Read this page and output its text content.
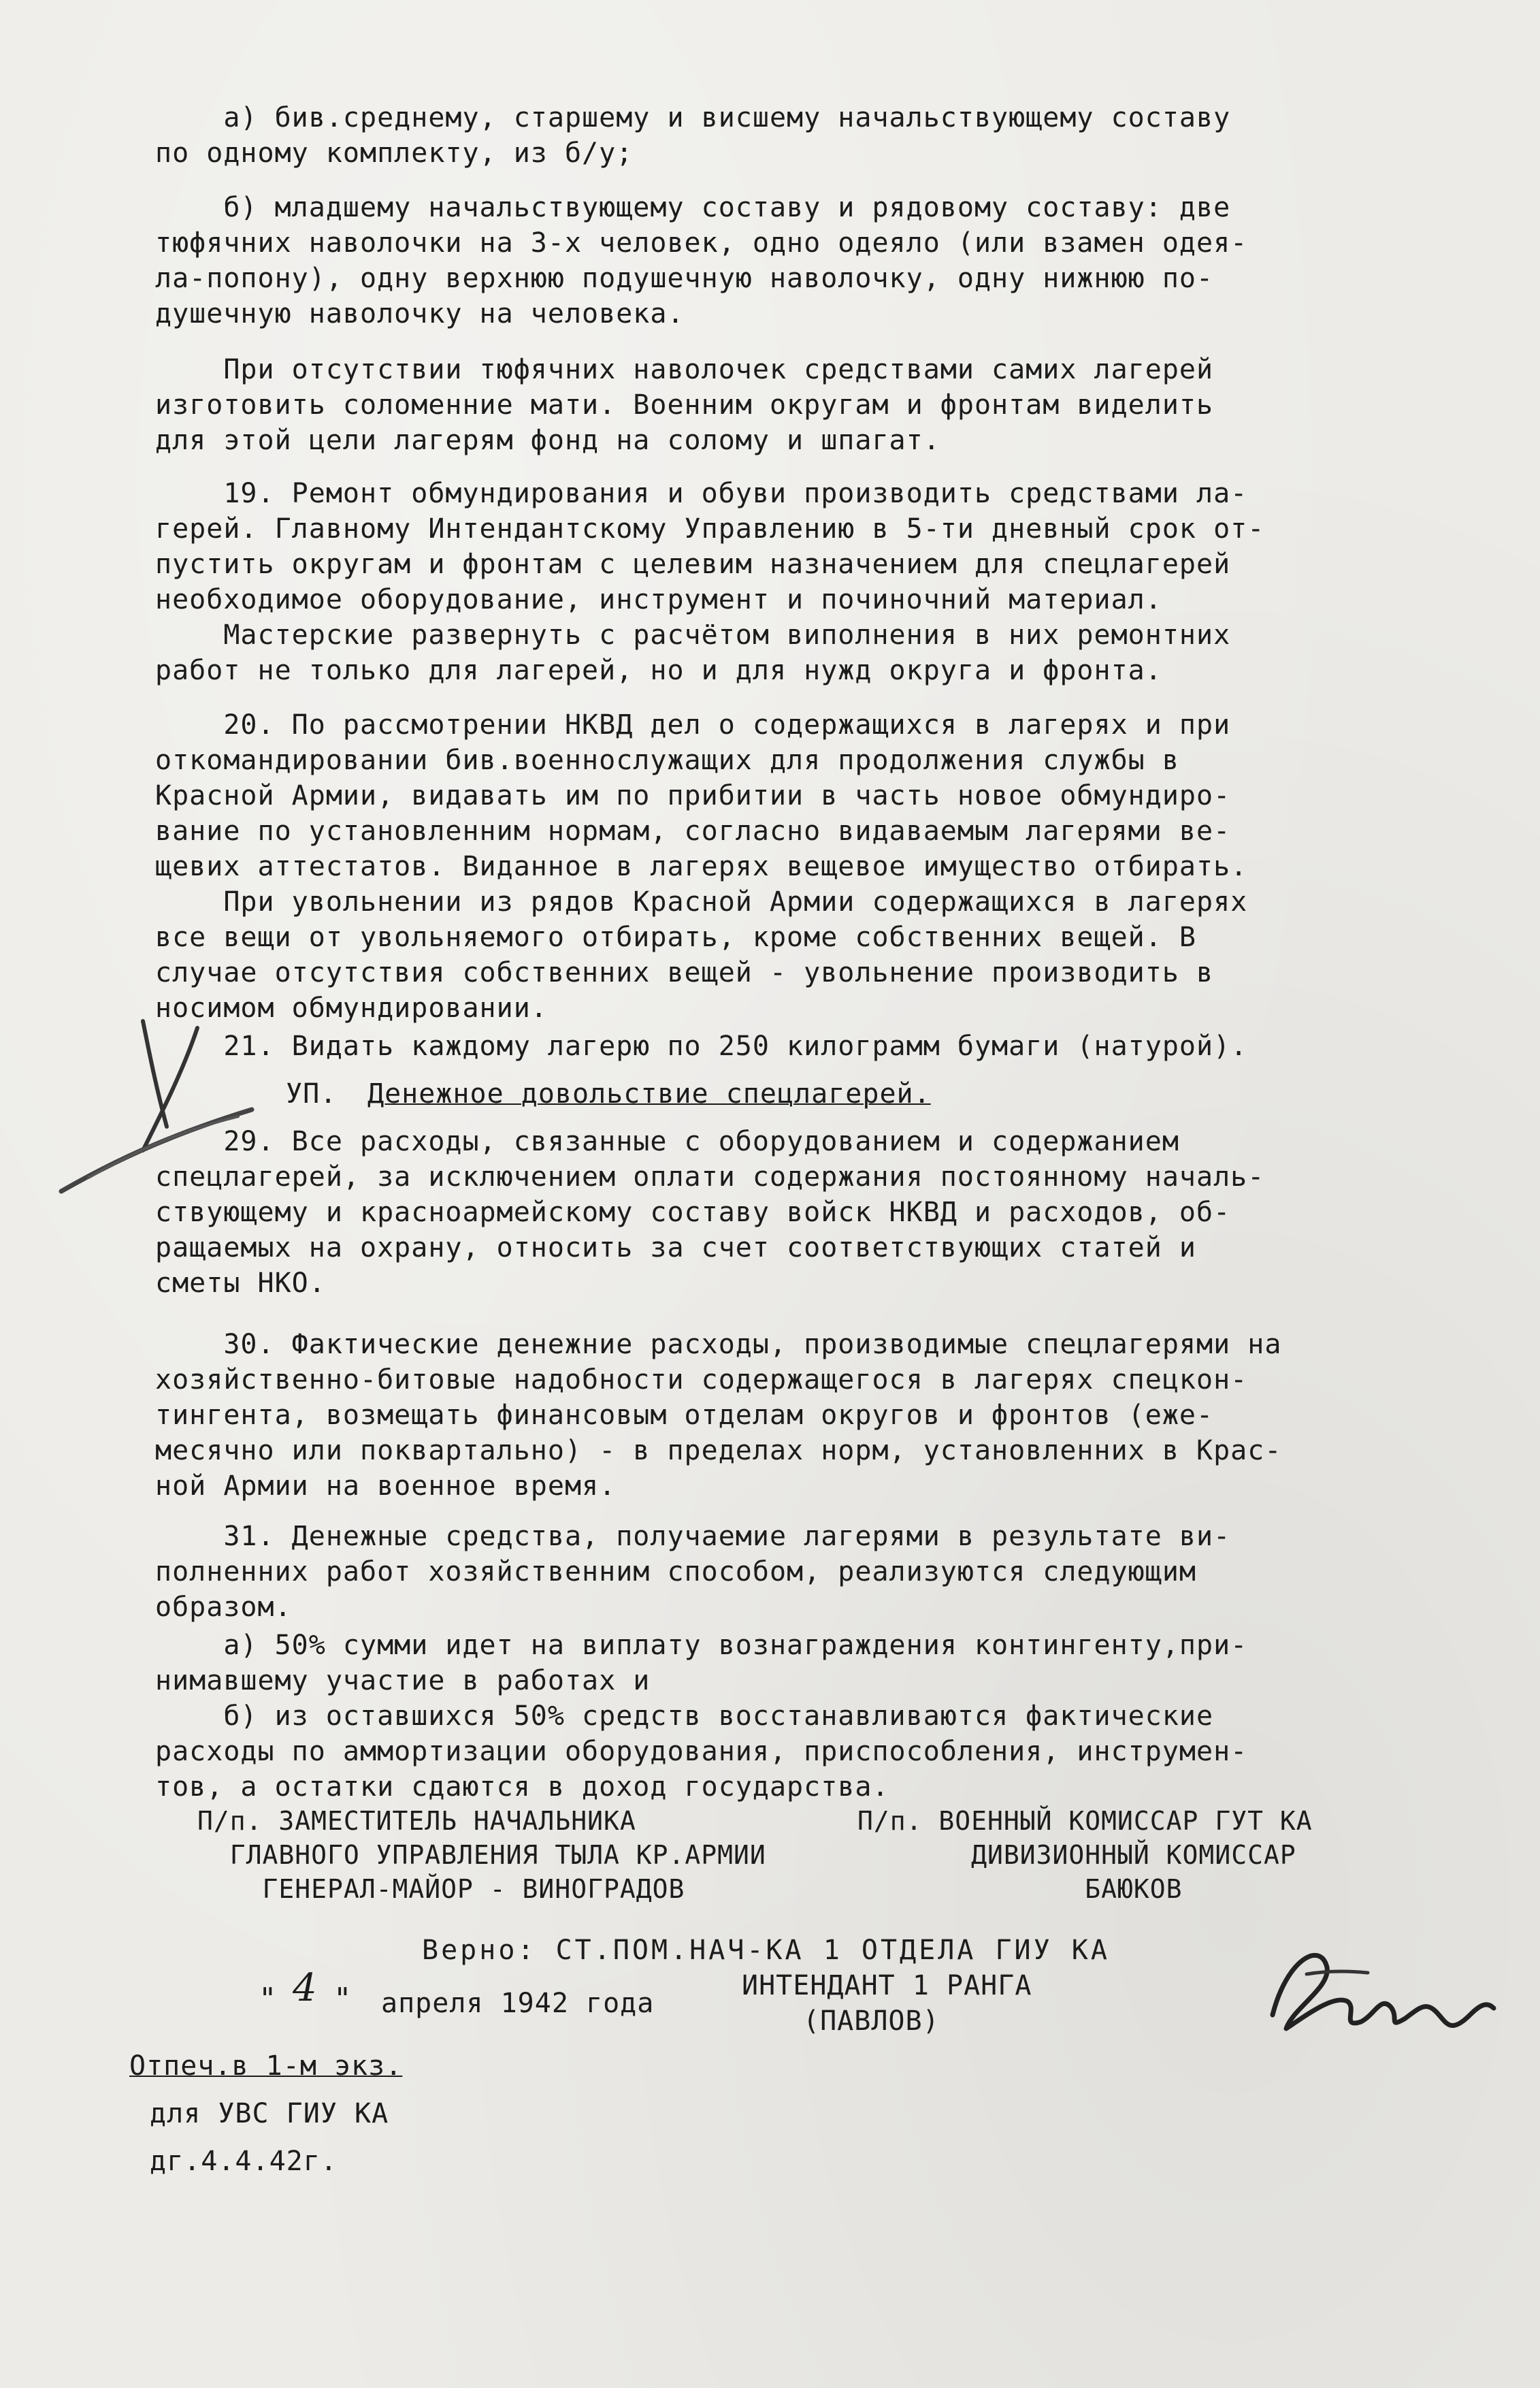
а) бив.среднему, старшему и висшему начальствующему составу
по одному комплекту, из б/у;
б) младшему начальствующему составу и рядовому составу: две
тюфячних наволочки на 3-х человек, одно одеяло (или взамен одея-
ла-попону), одну верхнюю подушечную наволочку, одну нижнюю по-
душечную наволочку на человека.
При отсутствии тюфячних наволочек средствами самих лагерей
изготовить соломенние мати. Военним округам и фронтам виделить
для этой цели лагерям фонд на солому и шпагат.
19. Ремонт обмундирования и обуви производить средствами ла-
герей. Главному Интендантскому Управлению в 5-ти дневный срок от-
пустить округам и фронтам с целевим назначением для спецлагерей
необходимое оборудование, инструмент и починочний материал.
Мастерские развернуть с расчётом виполнения в них ремонтних
работ не только для лагерей, но и для нужд округа и фронта.
20. По рассмотрении НКВД дел о содержащихся в лагерях и при
откомандировании бив.военнослужащих для продолжения службы в
Красной Армии, видавать им по прибитии в часть новое обмундиро-
вание по установленним нормам, согласно видаваемым лагерями ве-
щевих аттестатов. Виданное в лагерях вещевое имущество отбирать.
При увольнении из рядов Красной Армии содержащихся в лагерях
все вещи от увольняемого отбирать, кроме собственних вещей. В
случае отсутствия собственних вещей - увольнение производить в
носимом обмундировании.
21. Видать каждому лагерю по 250 килограмм бумаги (натурой).
УП. Денежное довольствие спецлагерей.
29. Все расходы, связанные с оборудованием и содержанием
спецлагерей, за исключением оплати содержания постоянному началь-
ствующему и красноармейскому составу войск НКВД и расходов, об-
ращаемых на охрану, относить за счет соответствующих статей и
сметы НКО.
30. Фактические денежние расходы, производимые спецлагерями на
хозяйственно-битовые надобности содержащегося в лагерях спецкон-
тингента, возмещать финансовым отделам округов и фронтов (еже-
месячно или поквартально) - в пределах норм, установленних в Крас-
ной Армии на военное время.
31. Денежные средства, получаемие лагерями в результате ви-
полненних работ хозяйственним способом, реализуются следующим
образом.
а) 50% сумми идет на виплату вознаграждения контингенту,при-
нимавшему участие в работах и
б) из оставшихся 50% средств восстанавливаются фактические
расходы по аммортизации оборудования, приспособления, инструмен-
тов, а остатки сдаются в доход государства.
П/п. ЗАМЕСТИТЕЛЬ НАЧАЛЬНИКА
ГЛАВНОГО УПРАВЛЕНИЯ ТЫЛА КР.АРМИИ
ГЕНЕРАЛ-МАЙОР - ВИНОГРАДОВ
П/п. ВОЕННЫЙ КОМИССАР ГУТ КА
ДИВИЗИОННЫЙ КОМИССАР
БАЮКОВ
Верно: СТ.ПОМ.НАЧ-КА 1 ОТДЕЛА ГИУ КА
ИНТЕНДАНТ 1 РАНГА
(ПАВЛОВ)
" 4 " апреля 1942 года
Отпеч.в 1-м экз.
для УВС ГИУ КА
дг.4.4.42г.
